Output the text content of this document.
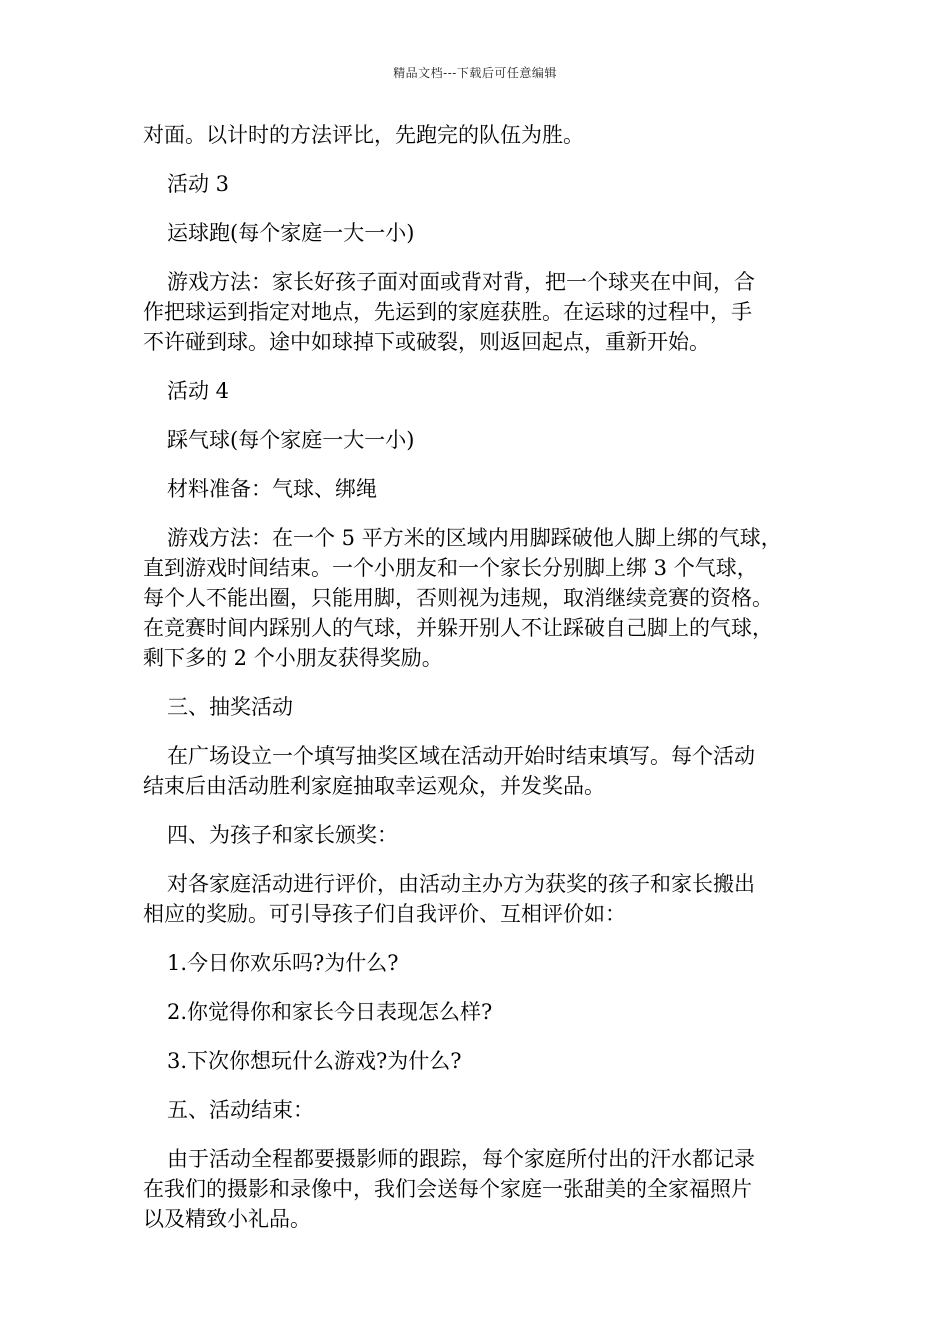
精品文档---下载后可任意编辑

对面。以计时的方法评比，先跑完的队伍为胜。

活动 3

运球跑(每个家庭一大一小)

游戏方法：家长好孩子面对面或背对背，把一个球夹在中间，合
作把球运到指定对地点，先运到的家庭获胜。在运球的过程中，手
不许碰到球。途中如球掉下或破裂，则返回起点，重新开始。

活动 4

踩气球(每个家庭一大一小)

材料准备：气球、绑绳

游戏方法：在一个 5 平方米的区域内用脚踩破他人脚上绑的气球，
直到游戏时间结束。一个小朋友和一个家长分别脚上绑 3 个气球，
每个人不能出圈，只能用脚，否则视为违规，取消继续竞赛的资格。
在竞赛时间内踩别人的气球，并躲开别人不让踩破自己脚上的气球，
剩下多的 2 个小朋友获得奖励。

三、抽奖活动

在广场设立一个填写抽奖区域在活动开始时结束填写。每个活动
结束后由活动胜利家庭抽取幸运观众，并发奖品。

四、为孩子和家长颁奖：

对各家庭活动进行评价，由活动主办方为获奖的孩子和家长搬出
相应的奖励。可引导孩子们自我评价、互相评价如：

1.今日你欢乐吗?为什么?

2.你觉得你和家长今日表现怎么样?

3.下次你想玩什么游戏?为什么?

五、活动结束：

由于活动全程都要摄影师的跟踪，每个家庭所付出的汗水都记录
在我们的摄影和录像中，我们会送每个家庭一张甜美的全家福照片
以及精致小礼品。
